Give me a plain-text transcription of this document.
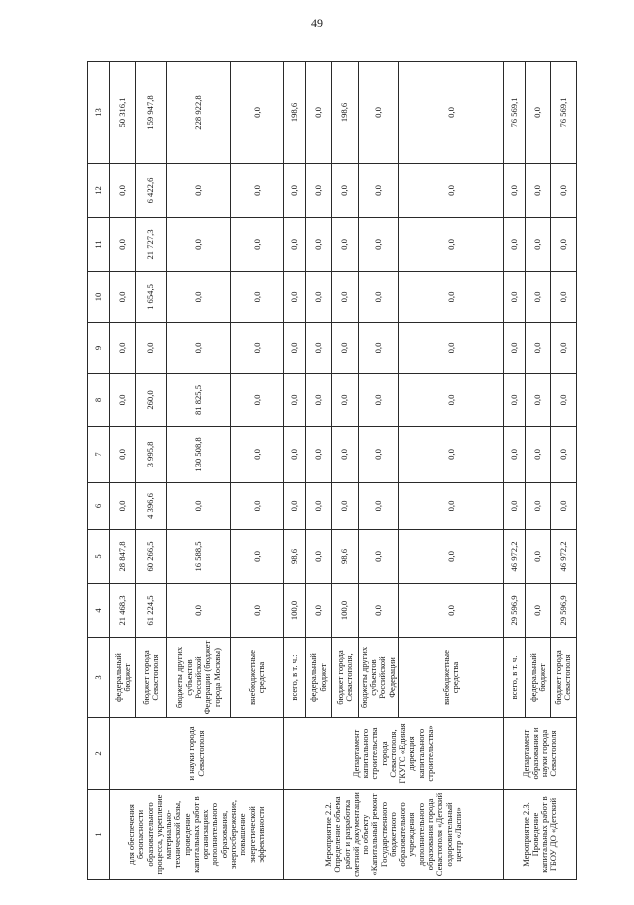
49
1	2	3	4	5	6	7	8	9	10	11	12	13
для обеспечения безопасности образовательного процесса, укрепление материально-технической базы, проведение капитальных работ в организациях дополнительного образования, энергосбережение, повышение энергетической эффективности	и науки города Севастополя	федеральный бюджет	21 468,3	28 847,8	0,0	0,0	0,0	0,0	0,0	0,0	0,0	50 316,1
		бюджет города Севастополя	61 224,5	60 266,5	4 396,6	3 995,8	260,0	0,0	1 654,5	21 727,3	6 422,6	159 947,8
		бюджеты других субъектов Российской Федерации (бюджет города Москвы)	0,0	16 588,5	0,0	130 508,8	81 825,5	0,0	0,0	0,0	0,0	228 922,8
		внебюджетные средства	0,0	0,0	0,0	0,0	0,0	0,0	0,0	0,0	0,0	0,0
Мероприятие 2.2. Определение объема работ и разработка сметной документации по объекту «Капитальный ремонт Государственного бюджетного образовательного учреждения дополнительного образования города Севастополя «Детский оздоровительный центр «Ласпи»	Департамент капитального строительства города Севастополя, ГКУГС «Единая дирекция капитального строительства»	всего, в т. ч.:	100,0	98,6	0,0	0,0	0,0	0,0	0,0	0,0	0,0	198,6
		федеральный бюджет	0,0	0,0	0,0	0,0	0,0	0,0	0,0	0,0	0,0	0,0
		бюджет города Севастополя,	100,0	98,6	0,0	0,0	0,0	0,0	0,0	0,0	0,0	198,6
		бюджеты других субъектов Российской Федерации	0,0	0,0	0,0	0,0	0,0	0,0	0,0	0,0	0,0	0,0
		внебюджетные средства	0,0	0,0	0,0	0,0	0,0	0,0	0,0	0,0	0,0	0,0
Мероприятие 2.3. Проведение капитальных работ в ГБОУ ДО «Детский	Департамент образования и науки города Севастополя	всего, в т. ч.	29 596,9	46 972,2	0,0	0,0	0,0	0,0	0,0	0,0	0,0	76 569,1
		федеральный бюджет	0,0	0,0	0,0	0,0	0,0	0,0	0,0	0,0	0,0	0,0
		бюджет города Севастополя	29 596,9	46 972,2	0,0	0,0	0,0	0,0	0,0	0,0	0,0	76 569,1
